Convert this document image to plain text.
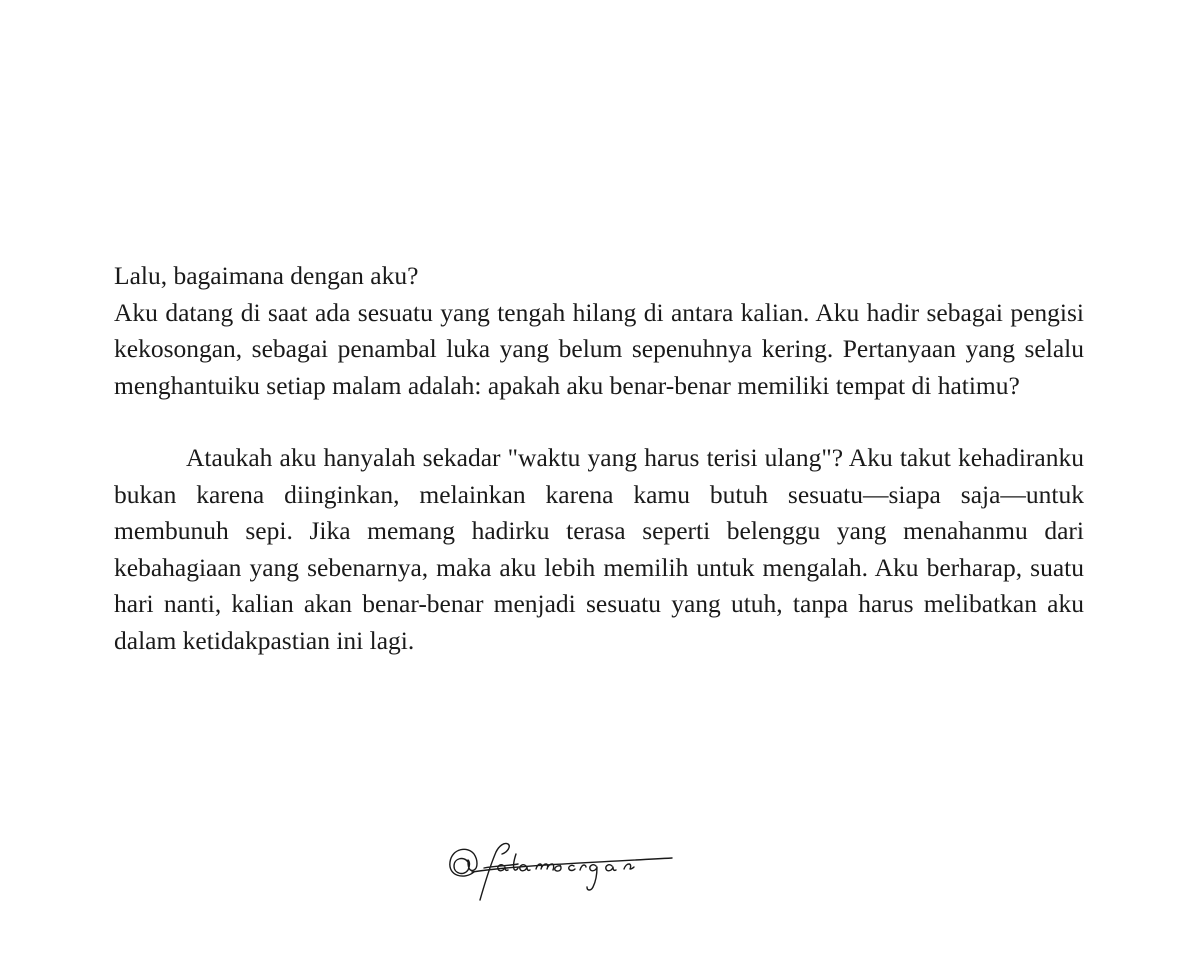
Lalu, bagaimana dengan aku?

Aku datang di saat ada sesuatu yang tengah hilang di antara kalian. Aku hadir sebagai pengisi kekosongan, sebagai penambal luka yang belum sepenuhnya kering. Pertanyaan yang selalu menghantuiku setiap malam adalah: apakah aku benar-benar memiliki tempat di hatimu?

Ataukah aku hanyalah sekadar "waktu yang harus terisi ulang"? Aku takut kehadiranku bukan karena diinginkan, melainkan karena kamu butuh sesuatu—siapa saja—untuk membunuh sepi. Jika memang hadirku terasa seperti belenggu yang menahanmu dari kebahagiaan yang sebenarnya, maka aku lebih memilih untuk mengalah. Aku berharap, suatu hari nanti, kalian akan benar-benar menjadi sesuatu yang utuh, tanpa harus melibatkan aku dalam ketidakpastian ini lagi.
